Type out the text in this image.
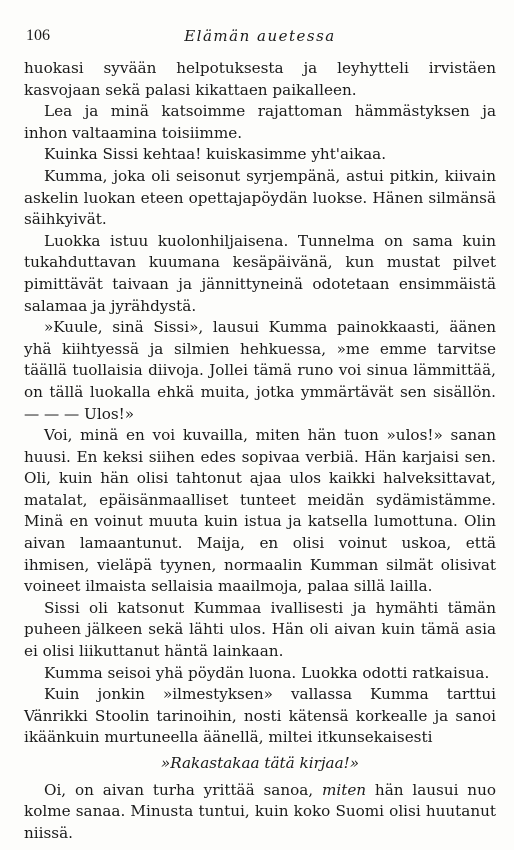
106	Elämän auetessa

huokasi syvään helpotuksesta ja leyhytteli irvistäen kasvojaan sekä palasi kikattaen paikalleen.

Lea ja minä katsoimme rajattoman hämmästyksen ja inhon valtaamina toisiimme.

Kuinka Sissi kehtaa! kuiskasimme yht'aikaa.

Kumma, joka oli seisonut syrjempänä, astui pitkin, kiivain askelin luokan eteen opettajapöydän luokse. Hänen silmänsä säihkyivät.

Luokka istuu kuolonhiljaisena. Tunnelma on sama kuin tukahduttavan kuumana kesäpäivänä, kun mustat pilvet pimittävät taivaan ja jännittyneinä odotetaan ensimmäistä salamaa ja jyrähdystä.

»Kuule, sinä Sissi», lausui Kumma painokkaasti, äänen yhä kiihtyessä ja silmien hehkuessa, »me emme tarvitse täällä tuollaisia diivoja. Jollei tämä runo voi sinua lämmittää, on tällä luokalla ehkä muita, jotka ymmärtävät sen sisällön. — — — Ulos!»

Voi, minä en voi kuvailla, miten hän tuon »ulos!» sanan huusi. En keksi siihen edes sopivaa verbiä. Hän karjaisi sen. Oli, kuin hän olisi tahtonut ajaa ulos kaikki halveksittavat, matalat, epäisänmaalliset tunteet meidän sydämistämme. Minä en voinut muuta kuin istua ja katsella lumottuna. Olin aivan lamaantunut. Maija, en olisi voinut uskoa, että ihmisen, vieläpä tyynen, normaalin Kumman silmät olisivat voineet ilmaista sellaisia maailmoja, palaa sillä lailla.

Sissi oli katsonut Kummaa ivallisesti ja hymähti tämän puheen jälkeen sekä lähti ulos. Hän oli aivan kuin tämä asia ei olisi liikuttanut häntä lainkaan.

Kumma seisoi yhä pöydän luona. Luokka odotti ratkaisua.

Kuin jonkin »ilmestyksen» vallassa Kumma tarttui Vänrikki Stoolin tarinoihin, nosti kätensä korkealle ja sanoi ikäänkuin murtuneella äänellä, miltei itkunsekaisesti

»Rakastakaa tätä kirjaa!»

Oi, on aivan turha yrittää sanoa, miten hän lausui nuo kolme sanaa. Minusta tuntui, kuin koko Suomi olisi huutanut niissä.
